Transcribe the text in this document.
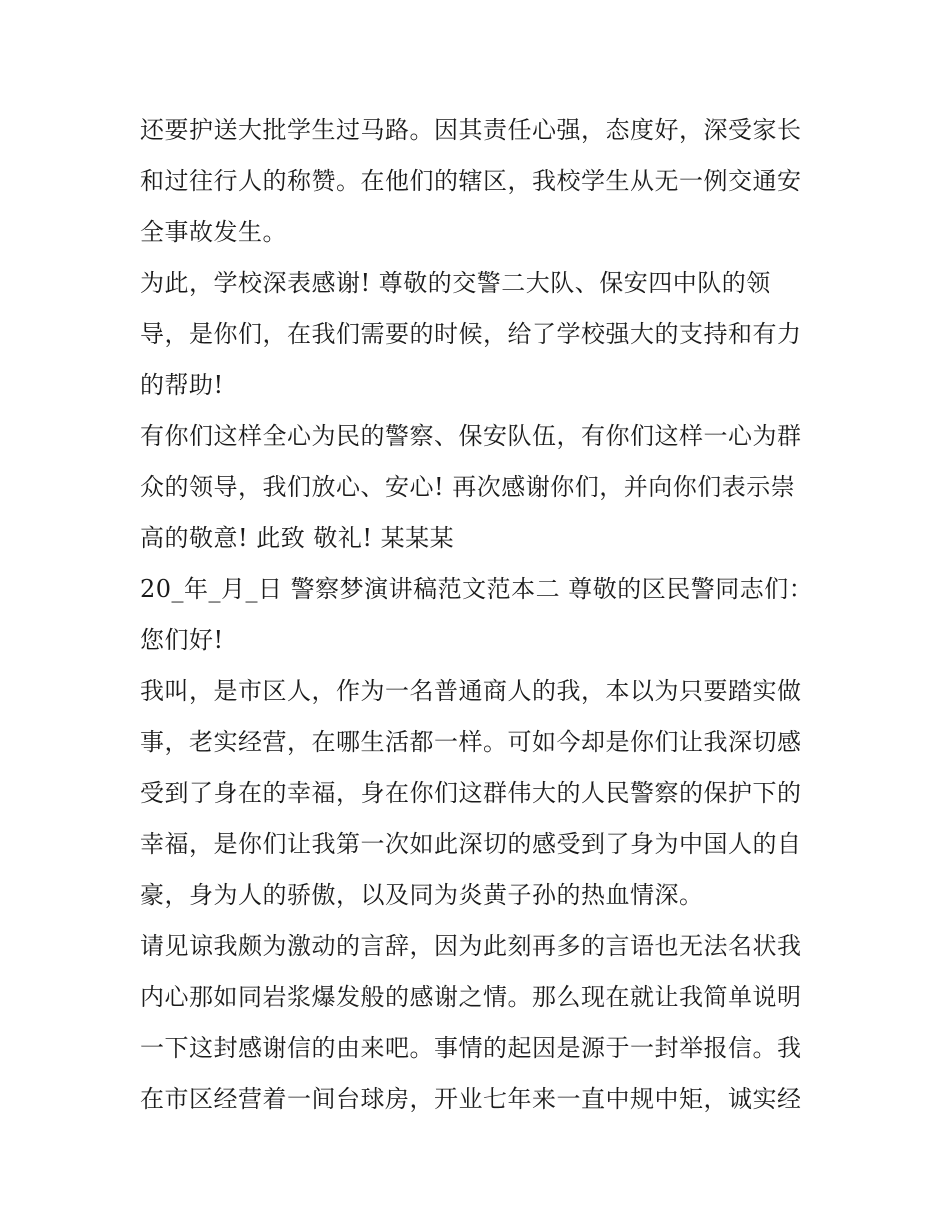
还要护送大批学生过马路。因其责任心强，态度好，深受家长
和过往行人的称赞。在他们的辖区，我校学生从无一例交通安
全事故发生。
为此，学校深表感谢! 尊敬的交警二大队、保安四中队的领
导，是你们，在我们需要的时候，给了学校强大的支持和有力
的帮助!
有你们这样全心为民的警察、保安队伍，有你们这样一心为群
众的领导，我们放心、安心! 再次感谢你们，并向你们表示崇
高的敬意! 此致 敬礼! 某某某
20_年_月_日 警察梦演讲稿范文范本二 尊敬的区民警同志们：
您们好!
我叫，是市区人，作为一名普通商人的我，本以为只要踏实做
事，老实经营，在哪生活都一样。可如今却是你们让我深切感
受到了身在的幸福，身在你们这群伟大的人民警察的保护下的
幸福，是你们让我第一次如此深切的感受到了身为中国人的自
豪，身为人的骄傲，以及同为炎黄子孙的热血情深。
请见谅我颇为激动的言辞，因为此刻再多的言语也无法名状我
内心那如同岩浆爆发般的感谢之情。那么现在就让我简单说明
一下这封感谢信的由来吧。事情的起因是源于一封举报信。我
在市区经营着一间台球房，开业七年来一直中规中矩，诚实经
